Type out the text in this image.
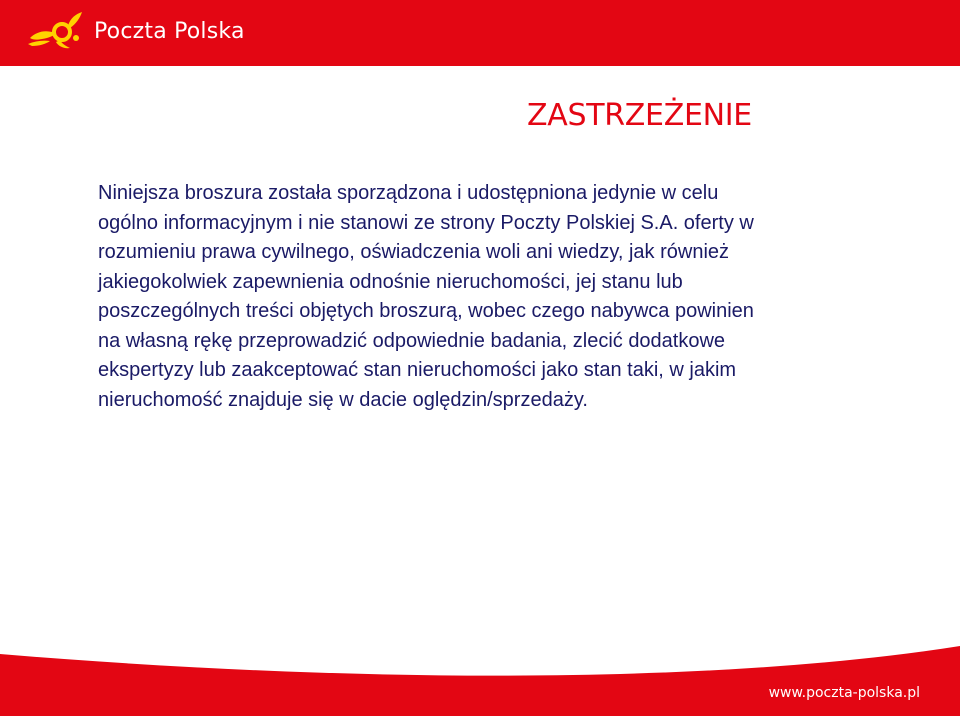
Poczta Polska
ZASTRZEŻENIE
Niniejsza broszura została sporządzona i udostępniona jedynie w celu
ogólno informacyjnym i nie stanowi ze strony Poczty Polskiej S.A. oferty w
rozumieniu prawa cywilnego, oświadczenia woli ani wiedzy, jak również
jakiegokolwiek zapewnienia odnośnie nieruchomości, jej stanu lub
poszczególnych treści objętych broszurą, wobec czego nabywca powinien
na własną rękę przeprowadzić odpowiednie badania, zlecić dodatkowe
ekspertyzy lub zaakceptować stan nieruchomości jako stan taki, w jakim
nieruchomość znajduje się w dacie oględzin/sprzedaży.
www.poczta-polska.pl
